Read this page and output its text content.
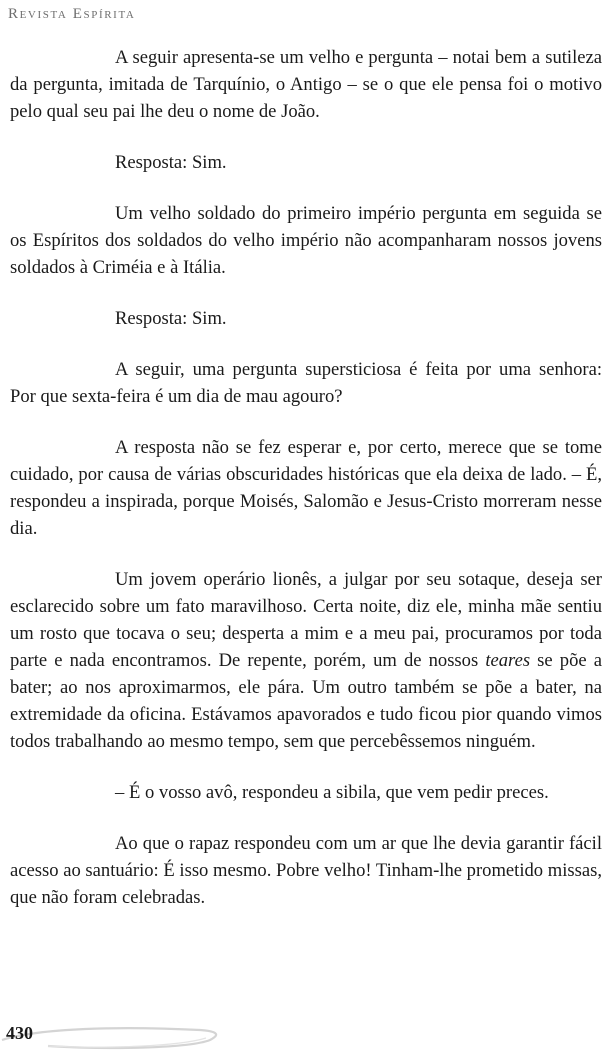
Revista Espírita

A seguir apresenta-se um velho e pergunta – notai bem a sutileza da pergunta, imitada de Tarquínio, o Antigo – se o que ele pensa foi o motivo pelo qual seu pai lhe deu o nome de João.

Resposta: Sim.

Um velho soldado do primeiro império pergunta em seguida se os Espíritos dos soldados do velho império não acompanharam nossos jovens soldados à Criméia e à Itália.

Resposta: Sim.

A seguir, uma pergunta supersticiosa é feita por uma senhora: Por que sexta-feira é um dia de mau agouro?

A resposta não se fez esperar e, por certo, merece que se tome cuidado, por causa de várias obscuridades históricas que ela deixa de lado. – É, respondeu a inspirada, porque Moisés, Salomão e Jesus-Cristo morreram nesse dia.

Um jovem operário lionês, a julgar por seu sotaque, deseja ser esclarecido sobre um fato maravilhoso. Certa noite, diz ele, minha mãe sentiu um rosto que tocava o seu; desperta a mim e a meu pai, procuramos por toda parte e nada encontramos. De repente, porém, um de nossos teares se põe a bater; ao nos aproximarmos, ele pára. Um outro também se põe a bater, na extremidade da oficina. Estávamos apavorados e tudo ficou pior quando vimos todos trabalhando ao mesmo tempo, sem que percebêssemos ninguém.

– É o vosso avô, respondeu a sibila, que vem pedir preces.

Ao que o rapaz respondeu com um ar que lhe devia garantir fácil acesso ao santuário: É isso mesmo. Pobre velho! Tinham-lhe prometido missas, que não foram celebradas.

430
